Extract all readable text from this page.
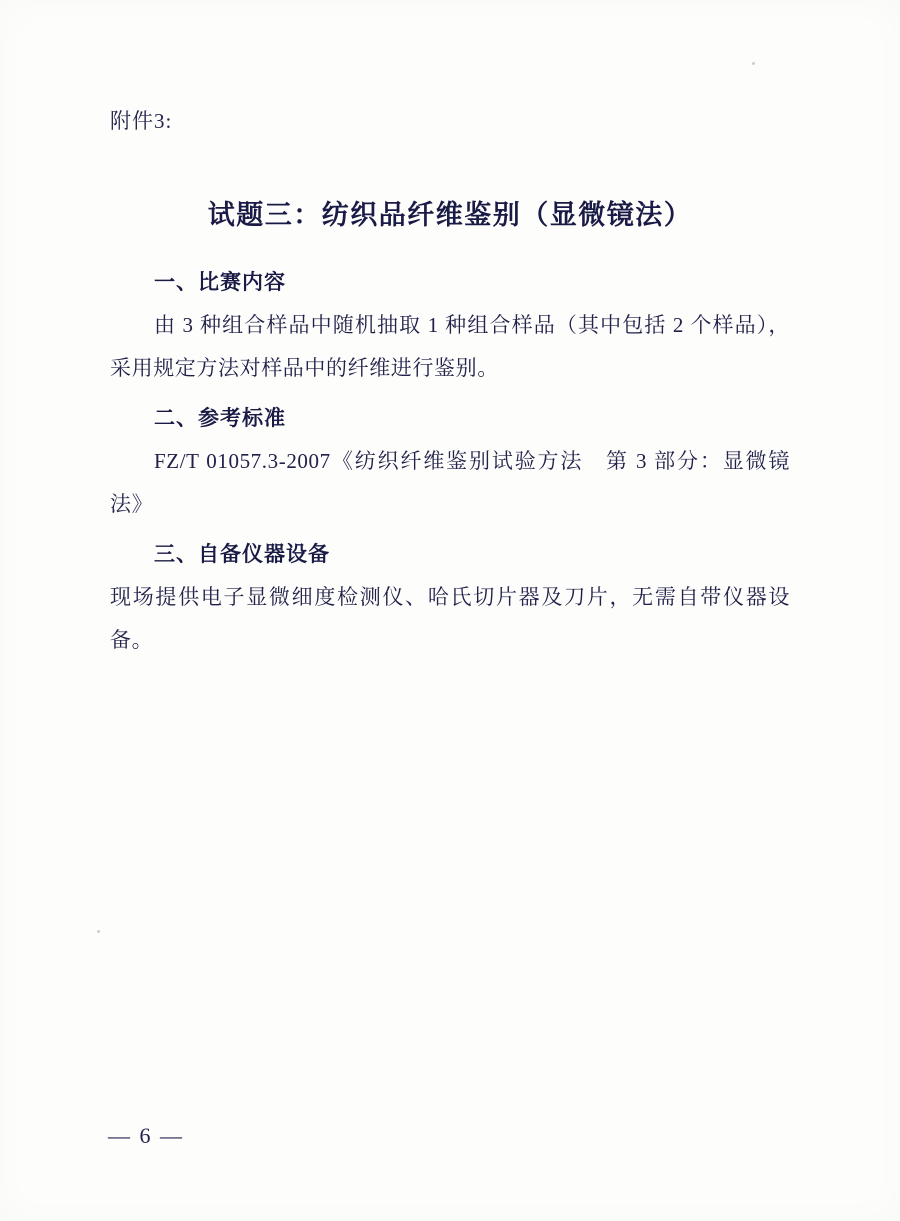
附件3:
试题三：纺织品纤维鉴别（显微镜法）
一、比赛内容
由 3 种组合样品中随机抽取 1 种组合样品（其中包括 2 个样品），采用规定方法对样品中的纤维进行鉴别。
二、参考标准
FZ/T 01057.3-2007《纺织纤维鉴别试验方法　第 3 部分：显微镜法》
三、自备仪器设备
现场提供电子显微细度检测仪、哈氏切片器及刀片，无需自带仪器设备。
— 6 —
